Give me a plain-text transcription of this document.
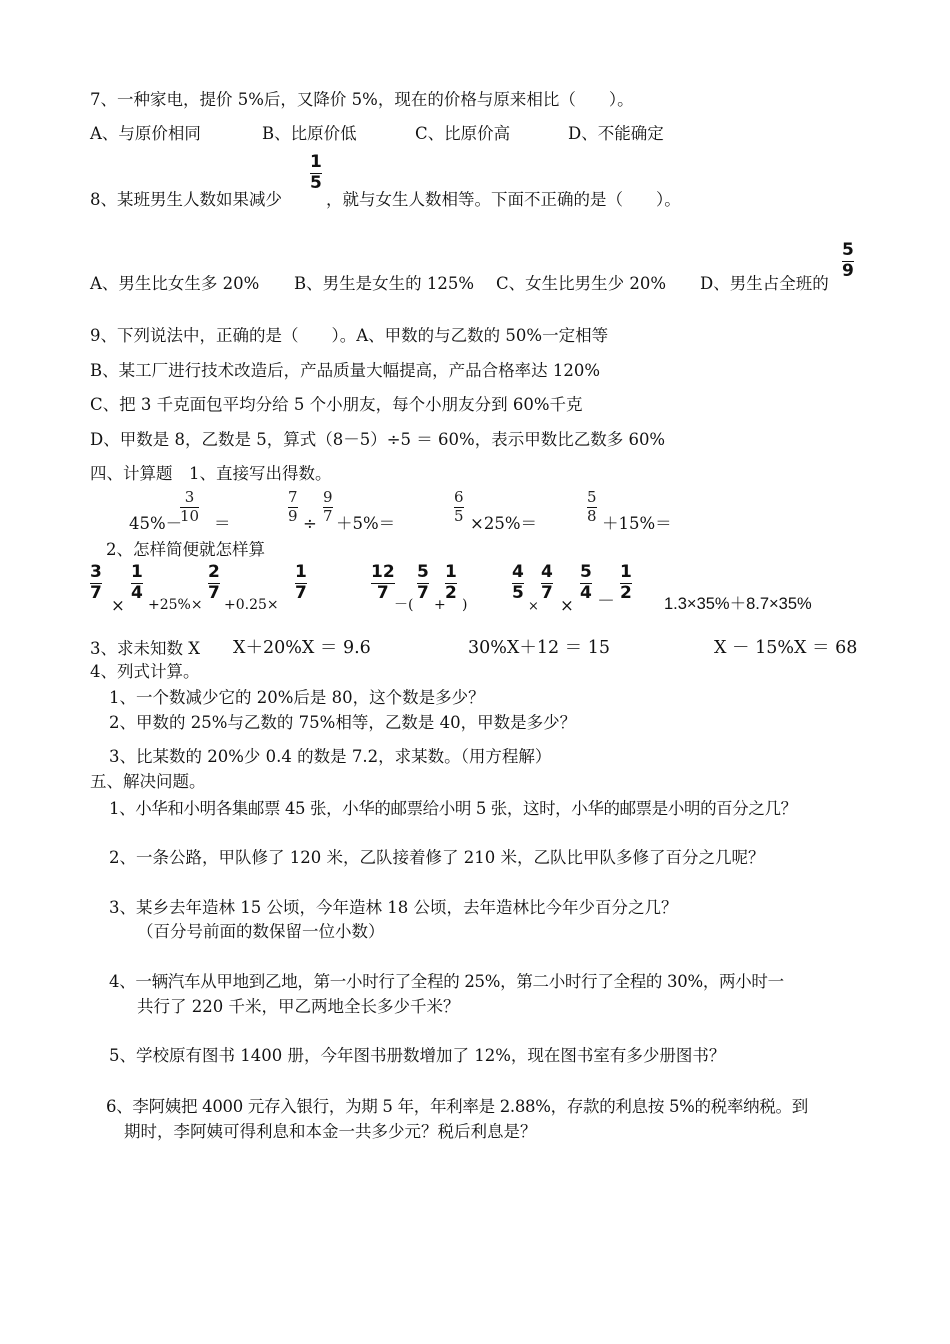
7、一种家电，提价 5%后，又降价 5%，现在的价格与原来相比（　　）。
A、与原价相同	B、比原价低	C、比原价高	D、不能确定
8、某班男生人数如果减少
1
5
，就与女生人数相等。下面不正确的是（　　）。
A、男生比女生多 20% B、男生是女生的 125% C、女生比男生少 20% D、男生占全班的
5
9
9、下列说法中，正确的是（　　）。A、甲数的与乙数的 50%一定相等
B、某工厂进行技术改造后，产品质量大幅提高，产品合格率达 120%
C、把 3 千克面包平均分给 5 个小朋友，每个小朋友分到 60%千克
D、甲数是 8，乙数是 5，算式（8－5）÷5 ＝ 60%，表示甲数比乙数多 60%
四、计算题　1、直接写出得数。
45%－
3
10 ＝
7
9 ÷
9
7 ＋5%＝
6
5 ×25%＝
5
8 ＋15%＝
2、怎样简便就怎样算
3
7
×
1
4
+25%×
2
7
+0.25×
1
7
12
7
－(
5
7
+
1
2
)
4
5
×
4
7
×
5
4 －
1
2
1.3×35%＋8.7×35%
3、求未知数 X X＋20%X ＝ 9.6	30%X＋12 ＝ 15	X － 15%X ＝ 68
4、列式计算。
1、一个数减少它的 20%后是 80，这个数是多少？
2、甲数的 25%与乙数的 75%相等，乙数是 40，甲数是多少？
3、比某数的 20%少 0.4 的数是 7.2，求某数。（用方程解）
五、解决问题。
1、小华和小明各集邮票 45 张，小华的邮票给小明 5 张，这时，小华的邮票是小明的百分之几？
2、一条公路，甲队修了 120 米，乙队接着修了 210 米，乙队比甲队多修了百分之几呢？
3、某乡去年造林 15 公顷，今年造林 18 公顷，去年造林比今年少百分之几？
（百分号前面的数保留一位小数）
4、一辆汽车从甲地到乙地，第一小时行了全程的 25%，第二小时行了全程的 30%，两小时一
共行了 220 千米，甲乙两地全长多少千米？
5、学校原有图书 1400 册，今年图书册数增加了 12%，现在图书室有多少册图书？
6、李阿姨把 4000 元存入银行，为期 5 年，年利率是 2.88%，存款的利息按 5%的税率纳税。到
期时，李阿姨可得利息和本金一共多少元？税后利息是？
